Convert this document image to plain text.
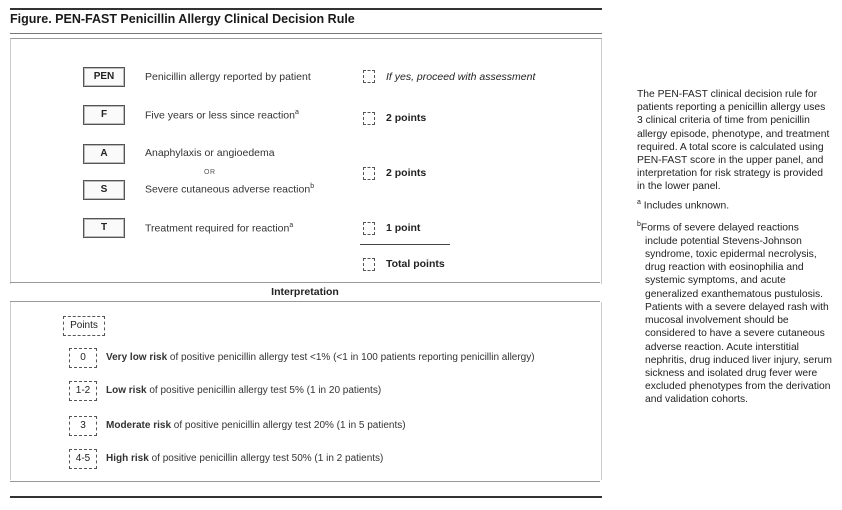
Figure. PEN-FAST Penicillin Allergy Clinical Decision Rule
PEN	Penicillin allergy reported by patient	If yes, proceed with assessment
F	Five years or less since reaction$^a$	2 points
A	Anaphylaxis or angioedema
OR
S	Severe cutaneous adverse reaction$^b$
2 points
T	Treatment required for reaction$^a$	1 point
Total points
Interpretation
Points
0	Very low risk of positive penicillin allergy test <1% (<1 in 100 patients reporting penicillin allergy)
1-2	Low risk of positive penicillin allergy test 5% (1 in 20 patients)
3	Moderate risk of positive penicillin allergy test 20% (1 in 5 patients)
4-5	High risk of positive penicillin allergy test 50% (1 in 2 patients)

The PEN-FAST clinical decision rule for patients reporting a penicillin allergy uses 3 clinical criteria of time from penicillin allergy episode, phenotype, and treatment required. A total score is calculated using PEN-FAST score in the upper panel, and interpretation for risk strategy is provided in the lower panel.

$^a$ Includes unknown.

$^b$Forms of severe delayed reactions include potential Stevens-Johnson syndrome, toxic epidermal necrolysis, drug reaction with eosinophilia and systemic symptoms, and acute generalized exanthematous pustulosis. Patients with a severe delayed rash with mucosal involvement should be considered to have a severe cutaneous adverse reaction. Acute interstitial nephritis, drug induced liver injury, serum sickness and isolated drug fever were excluded phenotypes from the derivation and validation cohorts.
